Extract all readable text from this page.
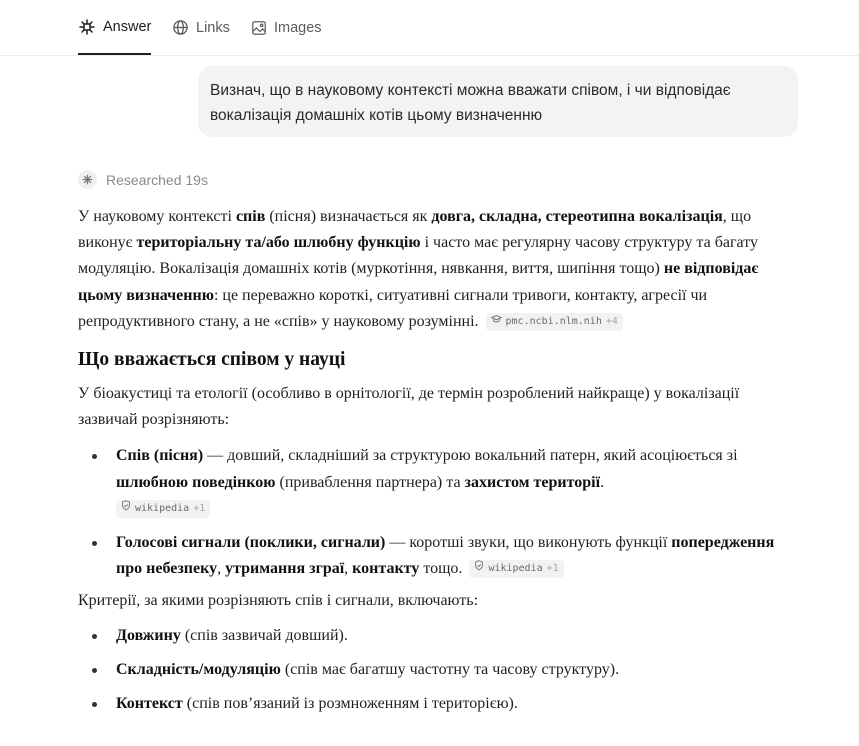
Answer	Links	Images
Визнач, що в науковому контексті можна вважати співом, і чи відповідає вокалізація домашніх котів цьому визначенню
Researched 19s

У науковому контексті спів (пісня) визначається як довга, складна, стереотипна вокалізація, що виконує територіальну та/або шлюбну функцію і часто має регулярну часову структуру та багату модуляцію. Вокалізація домашніх котів (муркотіння, нявкання, виття, шипіння тощо) не відповідає цьому визначенню: це переважно короткі, ситуативні сигнали тривоги, контакту, агресії чи репродуктивного стану, а не «спів» у науковому розумінні.	pmc.ncbi.nlm.nih +4

Що вважається співом у науці

У біоакустиці та етології (особливо в орнітології, де термін розроблений найкраще) у вокалізації зазвичай розрізняють:

Спів (пісня) — довший, складніший за структурою вокальний патерн, який асоціюється зі шлюбною поведінкою (приваблення партнера) та захистом території.

wikipedia +1
Голосові сигнали (поклики, сигнали) — коротші звуки, що виконують функції попередження про небезпеку, утримання зграї, контакту тощо.	wikipedia +1

Критерії, за якими розрізняють спів і сигнали, включають:

Довжину (спів зазвичай довший).
Складність/модуляцію (спів має багатшу частотну та часову структуру).
Контекст (спів пов’язаний із розмноженням і територією).
